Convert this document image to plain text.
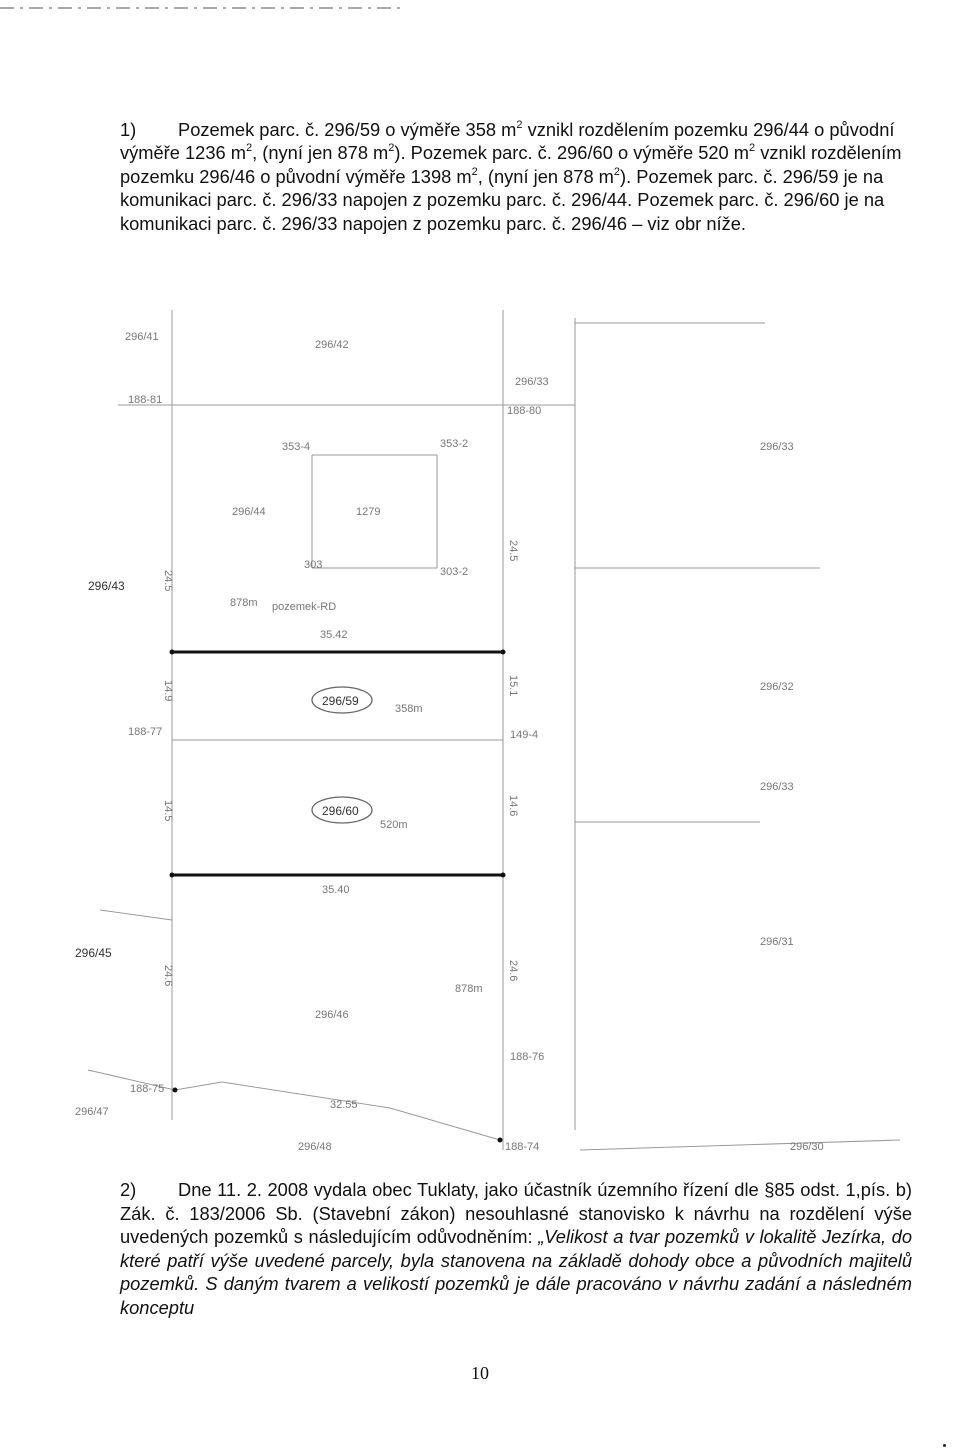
1) Pozemek parc. č. 296/59 o výměře 358 $m^2$ vznikl rozdělením pozemku 296/44 o původní výměře 1236 $m^2$, (nyní jen 878 $m^2$). Pozemek parc. č. 296/60 o výměře 520 $m^2$ vznikl rozdělením pozemku 296/46 o původní výměře 1398 $m^2$, (nyní jen 878 $m^2$). Pozemek parc. č. 296/59 je na komunikaci parc. č. 296/33 napojen z pozemku parc. č. 296/44. Pozemek parc. č. 296/60 je na komunikaci parc. č. 296/33 napojen z pozemku parc. č. 296/46 – viz obr níže.
296/41
296/42
296/33
188-81
188-80
353-4	353-2	296/33
296/44	1279
303
303-2
24.5
24.5
296/43
878m pozemek-RD
35.42
296/59
358m
296/32
14.9	15.1
188-77	149-4
296/33
296/60
520m
14.5	14.6
35.40
296/45
296/31
24.6	24.6
878m
296/46
188-76
188-75
296/47
32.55
296/48	188-74	296/30
2) Dne 11. 2. 2008 vydala obec Tuklaty, jako účastník územního řízení dle §85 odst. 1,pís. b) Zák. č. 183/2006 Sb. (Stavební zákon) nesouhlasné stanovisko k návrhu na rozdělení výše uvedených pozemků s následujícím odůvodněním: „Velikost a tvar pozemků v lokalitě Jezírka, do které patří výše uvedené parcely, byla stanovena na základě dohody obce a původních majitelů pozemků. S daným tvarem a velikostí pozemků je dále pracováno v návrhu zadání a následném konceptu
10
